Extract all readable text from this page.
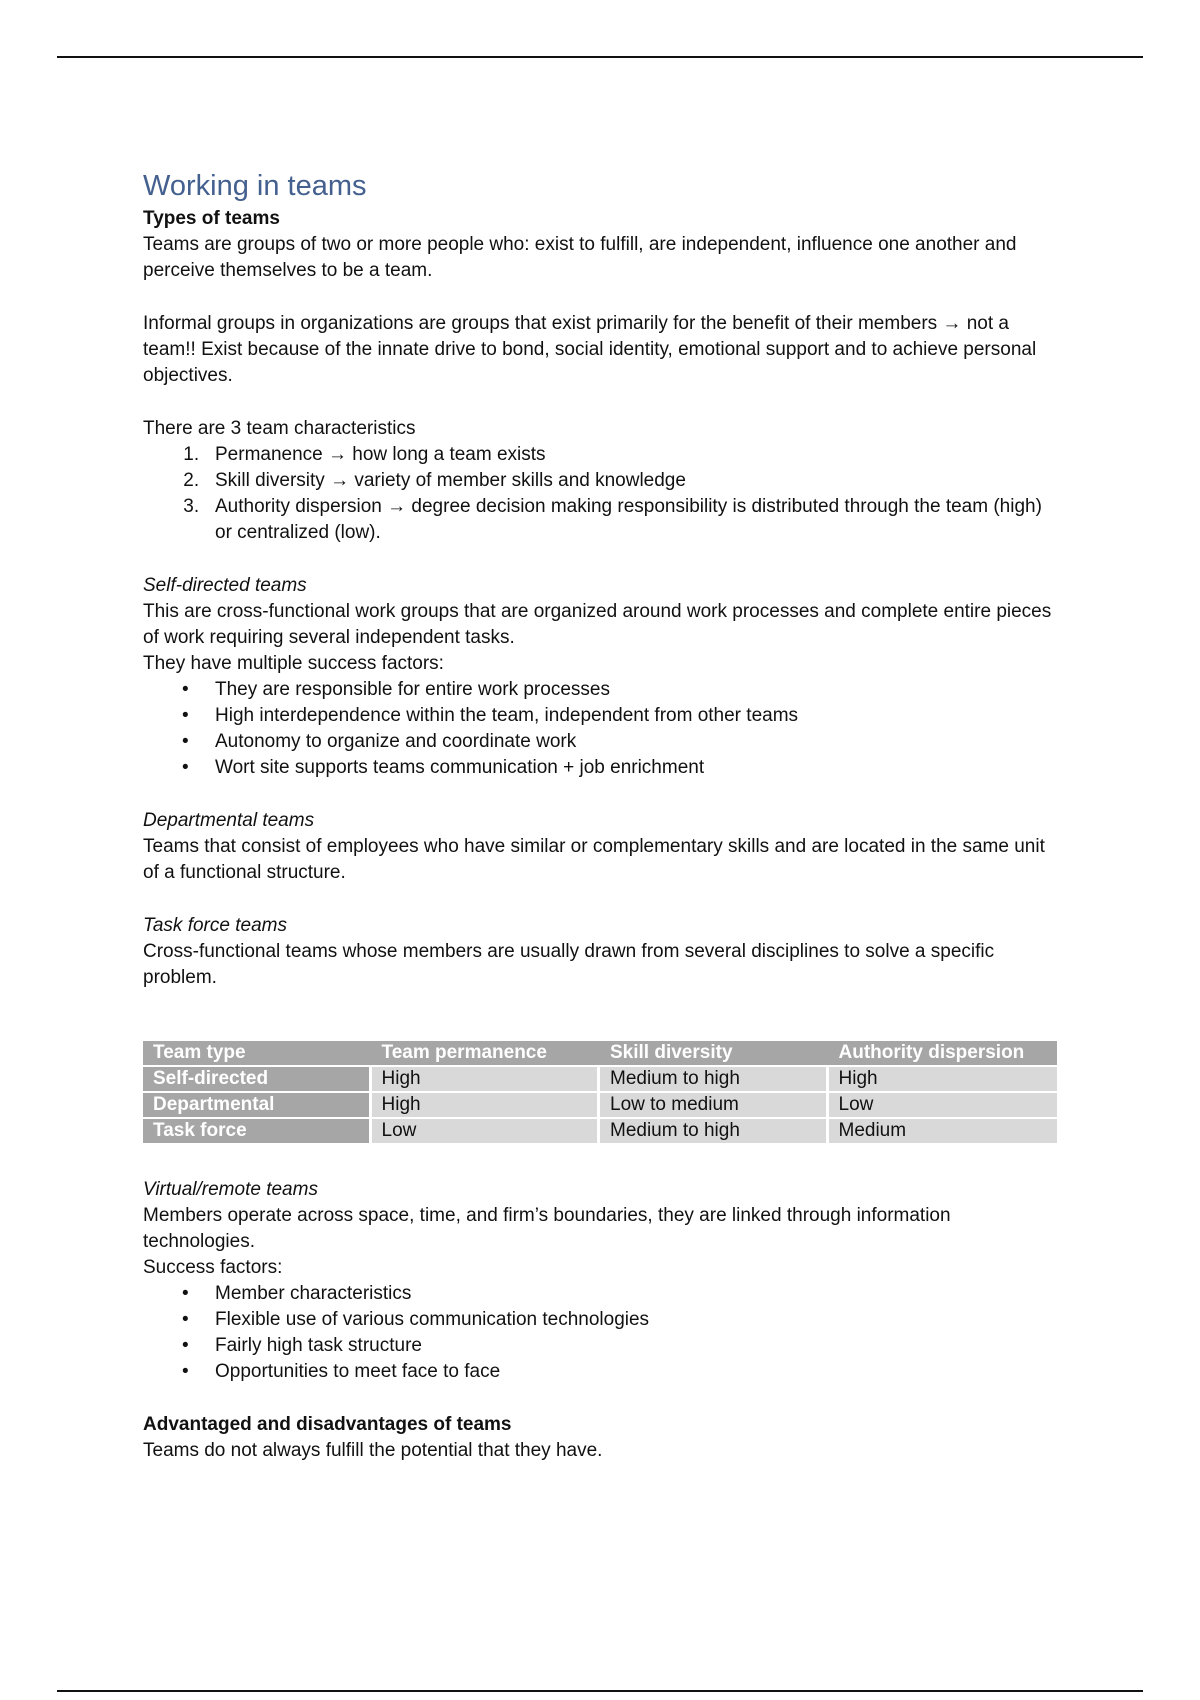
Working in teams

Types of teams

Teams are groups of two or more people who: exist to fulfill, are independent, influence one another and perceive themselves to be a team.

Informal groups in organizations are groups that exist primarily for the benefit of their members → not a team!! Exist because of the innate drive to bond, social identity, emotional support and to achieve personal objectives.

There are 3 team characteristics

1. Permanence → how long a team exists
2. Skill diversity → variety of member skills and knowledge
3. Authority dispersion → degree decision making responsibility is distributed through the team (high) or centralized (low).

Self-directed teams

This are cross-functional work groups that are organized around work processes and complete entire pieces of work requiring several independent tasks.

They have multiple success factors:

• They are responsible for entire work processes
• High interdependence within the team, independent from other teams
• Autonomy to organize and coordinate work
• Wort site supports teams communication + job enrichment

Departmental teams

Teams that consist of employees who have similar or complementary skills and are located in the same unit of a functional structure.

Task force teams

Cross-functional teams whose members are usually drawn from several disciplines to solve a specific problem.

Team type	Team permanence	Skill diversity	Authority dispersion
Self-directed	High	Medium to high	High
Departmental	High	Low to medium	Low
Task force	Low	Medium to high	Medium

Virtual/remote teams

Members operate across space, time, and firm’s boundaries, they are linked through information technologies.

Success factors:

• Member characteristics
• Flexible use of various communication technologies
• Fairly high task structure
• Opportunities to meet face to face

Advantaged and disadvantages of teams

Teams do not always fulfill the potential that they have.
